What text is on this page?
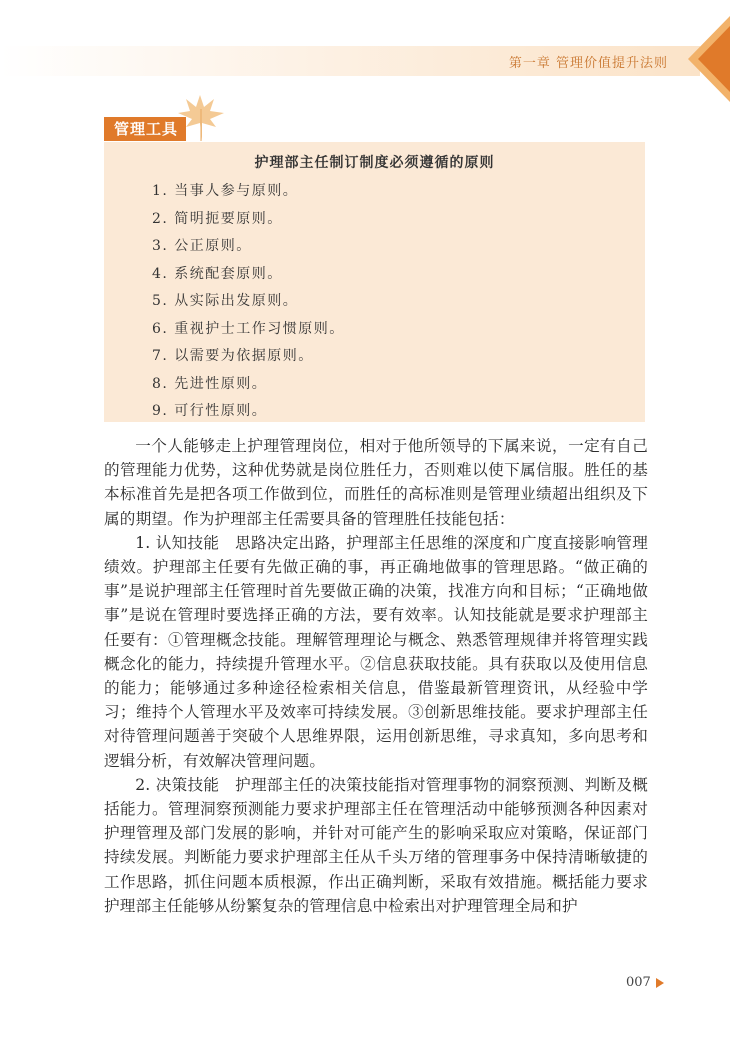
第一章 管理价值提升法则
管理工具
护理部主任制订制度必须遵循的原则
1. 当事人参与原则。
2. 简明扼要原则。
3. 公正原则。
4. 系统配套原则。
5. 从实际出发原则。
6. 重视护士工作习惯原则。
7. 以需要为依据原则。
8. 先进性原则。
9. 可行性原则。

一个人能够走上护理管理岗位，相对于他所领导的下属来说，一定有自己的管理能力优势，这种优势就是岗位胜任力，否则难以使下属信服。胜任的基本标准首先是把各项工作做到位，而胜任的高标准则是管理业绩超出组织及下属的期望。作为护理部主任需要具备的管理胜任技能包括：

1. 认知技能　思路决定出路，护理部主任思维的深度和广度直接影响管理绩效。护理部主任要有先做正确的事，再正确地做事的管理思路。“做正确的事”是说护理部主任管理时首先要做正确的决策，找准方向和目标；“正确地做事”是说在管理时要选择正确的方法，要有效率。认知技能就是要求护理部主任要有：①管理概念技能。理解管理理论与概念、熟悉管理规律并将管理实践概念化的能力，持续提升管理水平。②信息获取技能。具有获取以及使用信息的能力；能够通过多种途径检索相关信息，借鉴最新管理资讯，从经验中学习；维持个人管理水平及效率可持续发展。③创新思维技能。要求护理部主任对待管理问题善于突破个人思维界限，运用创新思维，寻求真知，多向思考和逻辑分析，有效解决管理问题。

2. 决策技能　护理部主任的决策技能指对管理事物的洞察预测、判断及概括能力。管理洞察预测能力要求护理部主任在管理活动中能够预测各种因素对护理管理及部门发展的影响，并针对可能产生的影响采取应对策略，保证部门持续发展。判断能力要求护理部主任从千头万绪的管理事务中保持清晰敏捷的工作思路，抓住问题本质根源，作出正确判断，采取有效措施。概括能力要求护理部主任能够从纷繁复杂的管理信息中检索出对护理管理全局和护

007
